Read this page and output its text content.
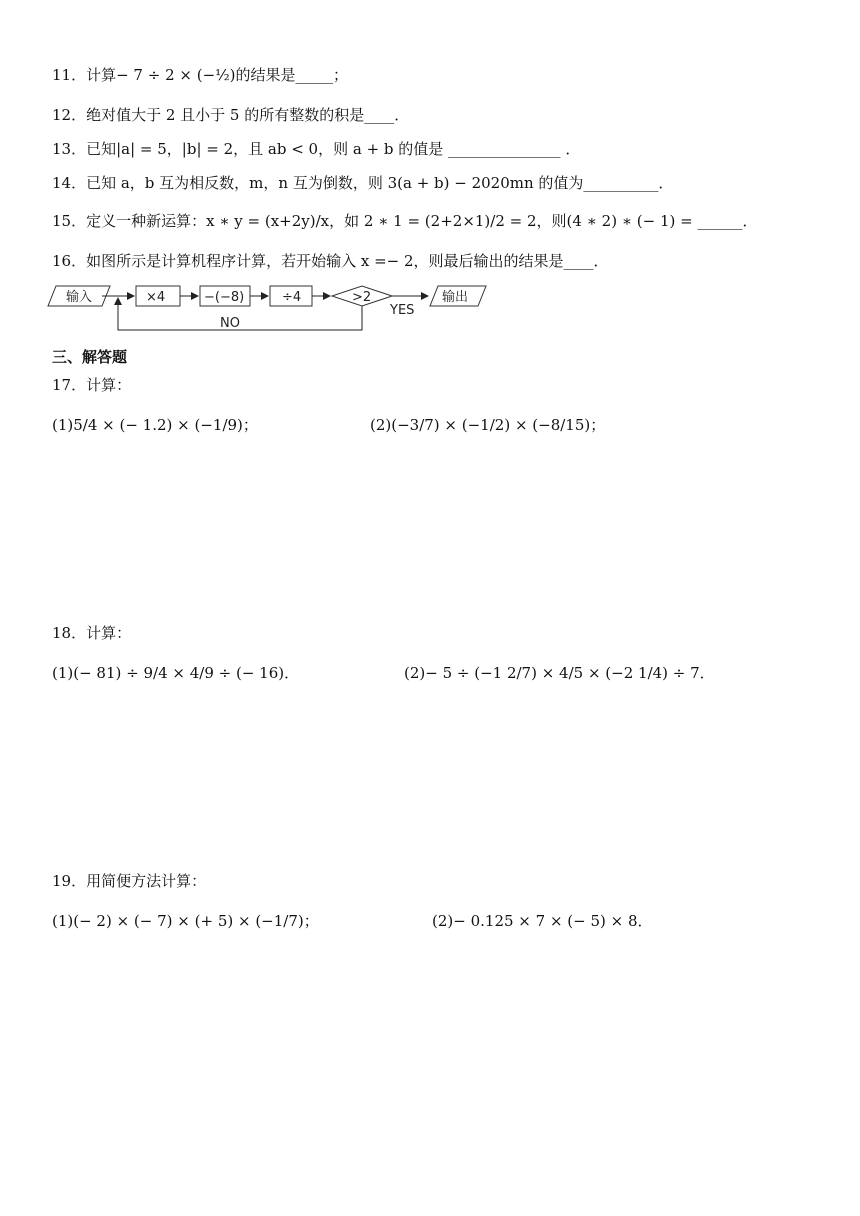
11．计算− 7 ÷ 2 × (−½)的结果是_____；
12．绝对值大于 2 且小于 5 的所有整数的积是____．
13．已知|a| = 5，|b| = 2，且 ab < 0，则 a + b 的值是 _______________ ．
14．已知 a，b 互为相反数，m，n 互为倒数，则 3(a + b) − 2020mn 的值为__________．
15．定义一种新运算：x ∗ y = (x+2y)/x，如 2 ∗ 1 = (2+2×1)/2 = 2，则(4 ∗ 2) ∗ (− 1) = ______．
16．如图所示是计算机程序计算，若开始输入 x =− 2，则最后输出的结果是____．
输入	×4	−(−8)	÷4	>2
YES
输出
NO
三、解答题
17．计算：
(1)5/4 × (− 1.2) × (−1/9)；	(2)(−3/7) × (−1/2) × (−8/15)；
18．计算：
(1)(− 81) ÷ 9/4 × 4/9 ÷ (− 16)．	(2)− 5 ÷ (−1 2/7) × 4/5 × (−2 1/4) ÷ 7．
19．用简便方法计算：
(1)(− 2) × (− 7) × (+ 5) × (−1/7)；	(2)− 0.125 × 7 × (− 5) × 8．
